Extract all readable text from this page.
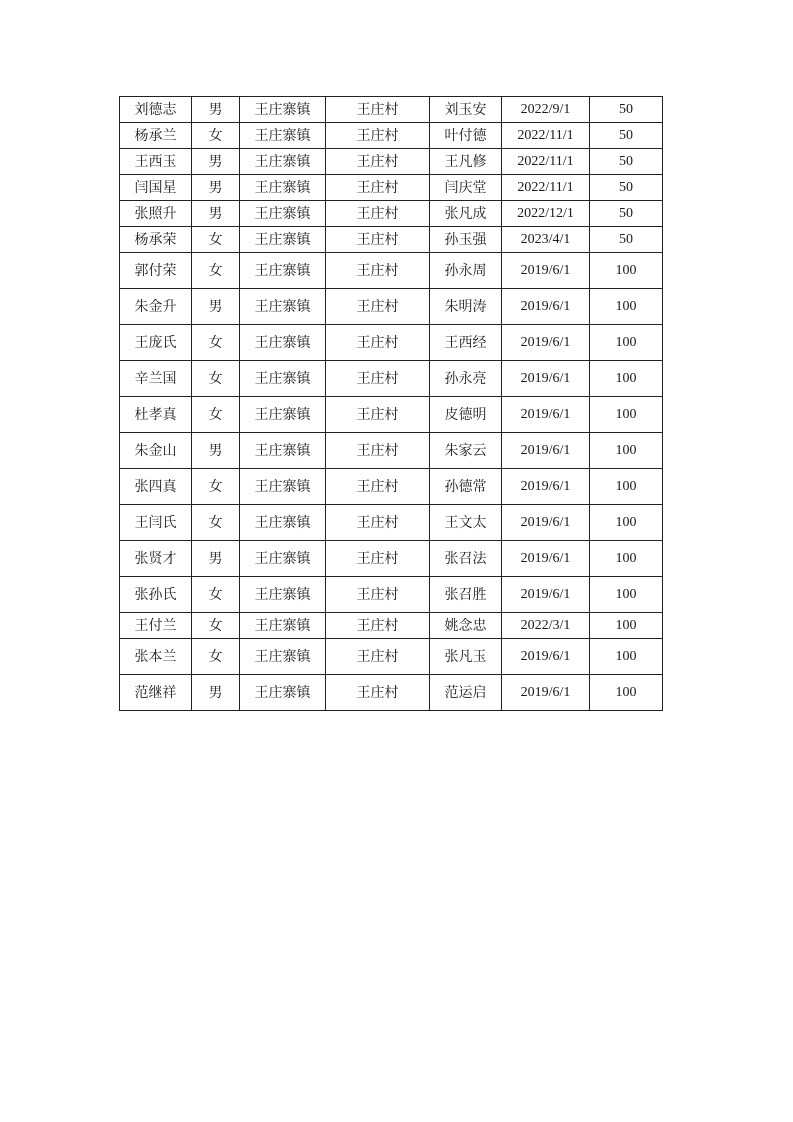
刘德志	男	王庄寨镇	王庄村	刘玉安	2022/9/1	50
杨承兰	女	王庄寨镇	王庄村	叶付德	2022/11/1	50
王西玉	男	王庄寨镇	王庄村	王凡修	2022/11/1	50
闫国星	男	王庄寨镇	王庄村	闫庆堂	2022/11/1	50
张照升	男	王庄寨镇	王庄村	张凡成	2022/12/1	50
杨承荣	女	王庄寨镇	王庄村	孙玉强	2023/4/1	50
郭付荣	女	王庄寨镇	王庄村	孙永周	2019/6/1	100
朱金升	男	王庄寨镇	王庄村	朱明涛	2019/6/1	100
王庞氏	女	王庄寨镇	王庄村	王西经	2019/6/1	100
辛兰国	女	王庄寨镇	王庄村	孙永亮	2019/6/1	100
杜孝真	女	王庄寨镇	王庄村	皮德明	2019/6/1	100
朱金山	男	王庄寨镇	王庄村	朱家云	2019/6/1	100
张四真	女	王庄寨镇	王庄村	孙德常	2019/6/1	100
王闫氏	女	王庄寨镇	王庄村	王文太	2019/6/1	100
张贤才	男	王庄寨镇	王庄村	张召法	2019/6/1	100
张孙氏	女	王庄寨镇	王庄村	张召胜	2019/6/1	100
王付兰	女	王庄寨镇	王庄村	姚念忠	2022/3/1	100
张本兰	女	王庄寨镇	王庄村	张凡玉	2019/6/1	100
范继祥	男	王庄寨镇	王庄村	范运启	2019/6/1	100
